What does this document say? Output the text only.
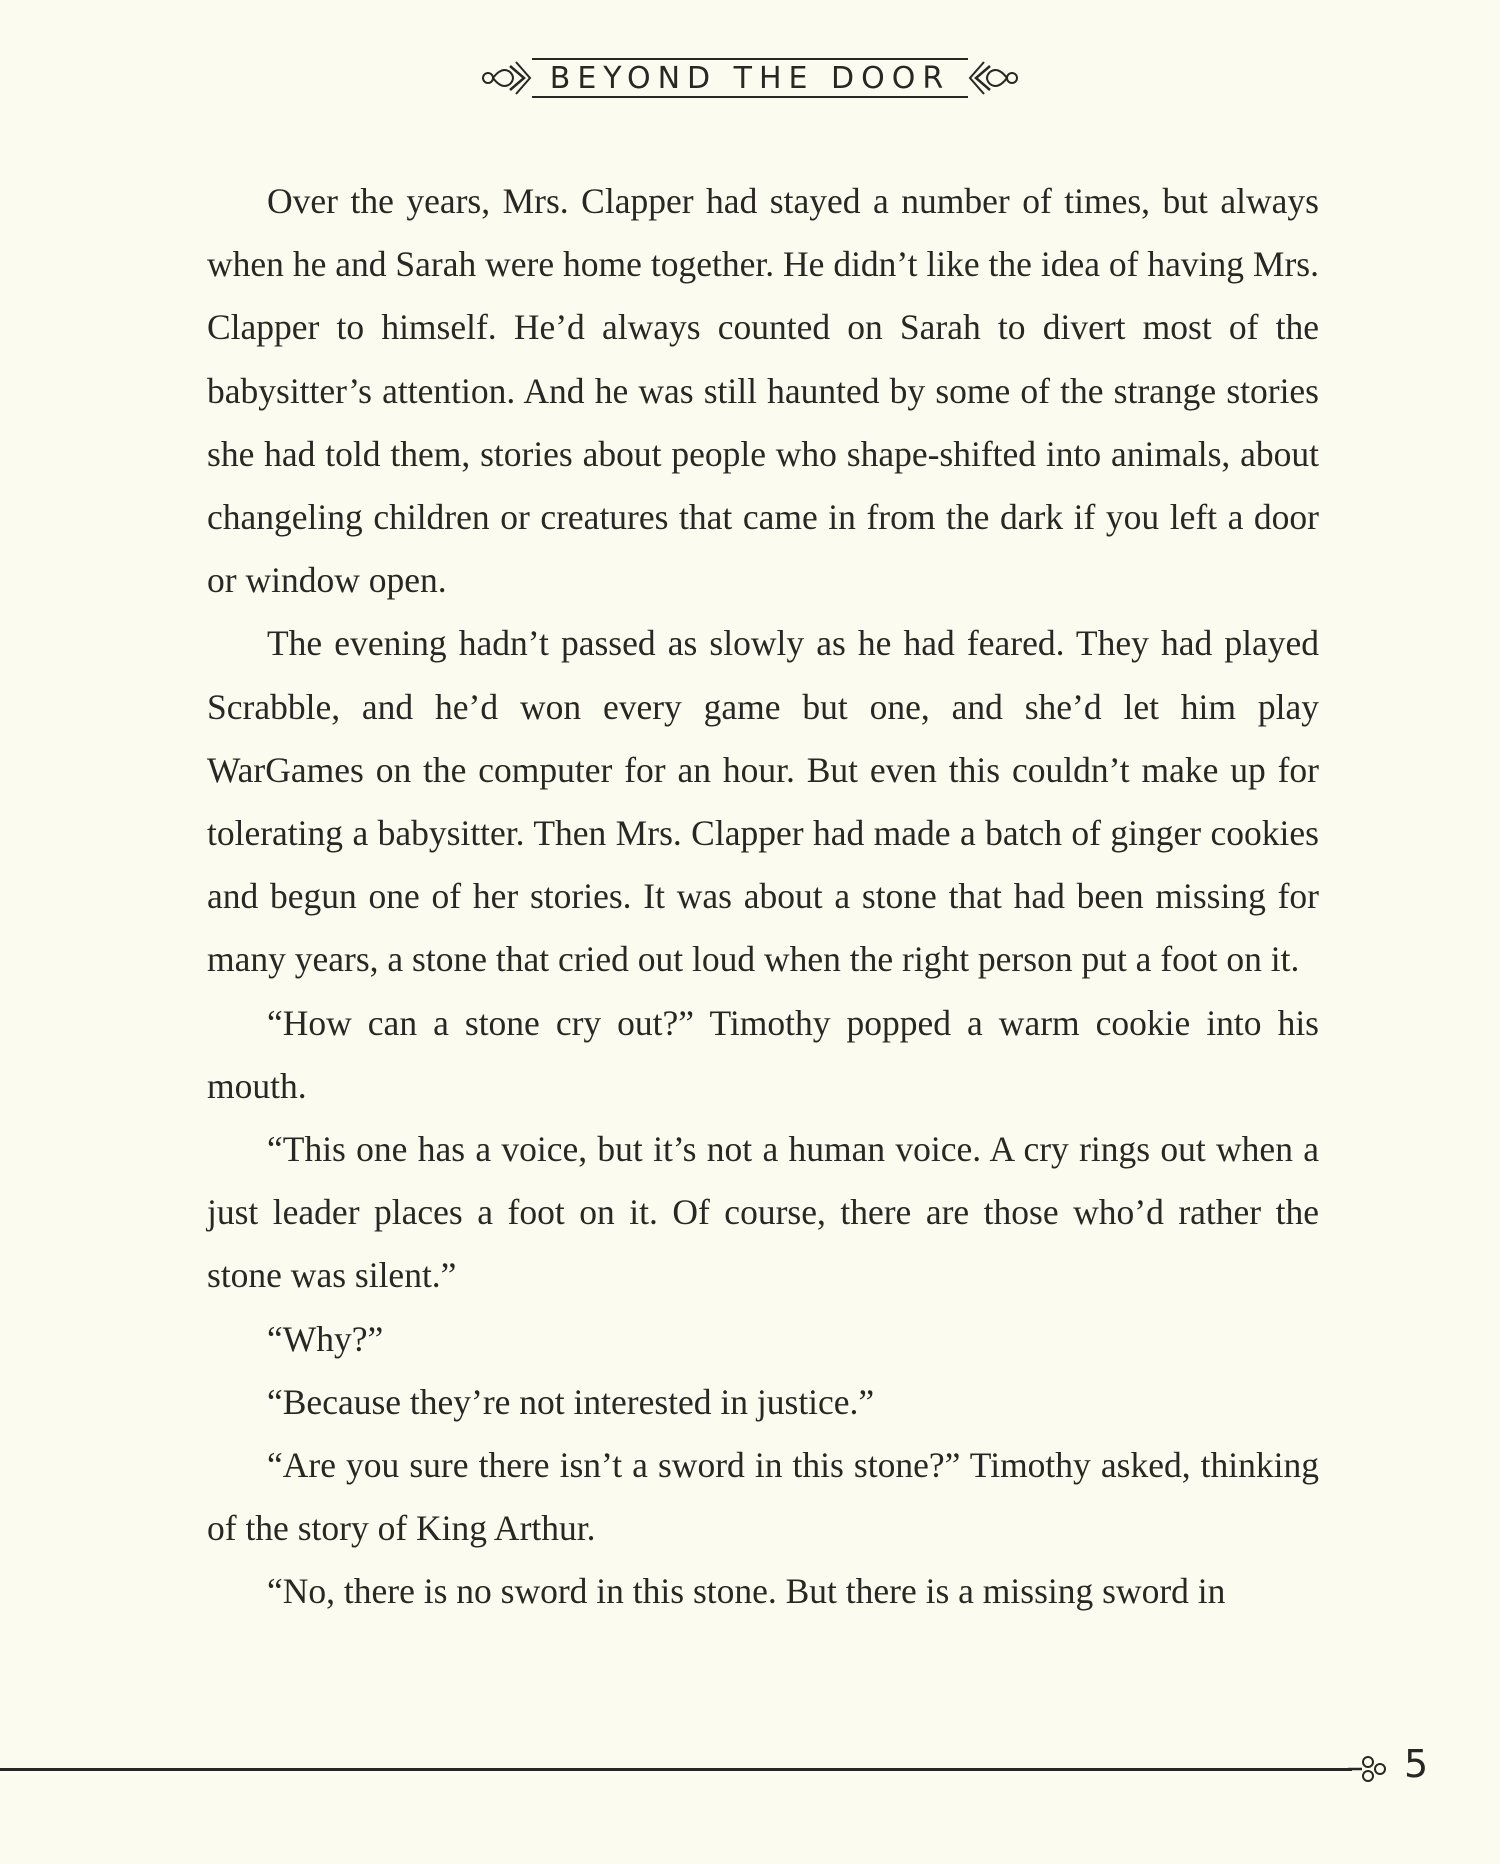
BEYOND THE DOOR

Over the years, Mrs. Clapper had stayed a number of times, but always when he and Sarah were home together. He didn’t like the idea of having Mrs. Clapper to himself. He’d always counted on Sarah to divert most of the babysitter’s attention. And he was still haunted by some of the strange stories she had told them, stories about people who shape-shifted into animals, about changeling children or creatures that came in from the dark if you left a door or window open.

The evening hadn’t passed as slowly as he had feared. They had played Scrabble, and he’d won every game but one, and she’d let him play WarGames on the computer for an hour. But even this couldn’t make up for tolerating a babysitter. Then Mrs. Clapper had made a batch of ginger cookies and begun one of her stories. It was about a stone that had been missing for many years, a stone that cried out loud when the right person put a foot on it.

“How can a stone cry out?” Timothy popped a warm cookie into his mouth.

“This one has a voice, but it’s not a human voice. A cry rings out when a just leader places a foot on it. Of course, there are those who’d rather the stone was silent.”

“Why?”

“Because they’re not interested in justice.”

“Are you sure there isn’t a sword in this stone?” Timothy asked, thinking of the story of King Arthur.

“No, there is no sword in this stone. But there is a missing sword in

5
